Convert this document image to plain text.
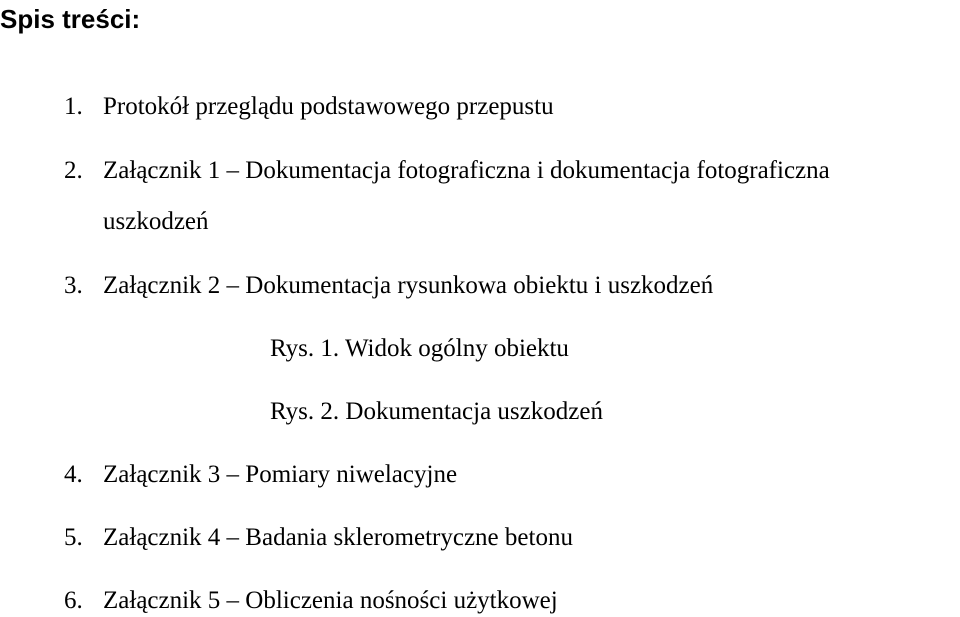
Spis treści:
1. Protokół przeglądu podstawowego przepustu
2. Załącznik 1 – Dokumentacja fotograficzna i dokumentacja fotograficzna
uszkodzeń
3. Załącznik 2 – Dokumentacja rysunkowa obiektu i uszkodzeń
Rys. 1. Widok ogólny obiektu
Rys. 2. Dokumentacja uszkodzeń
4. Załącznik 3 – Pomiary niwelacyjne
5. Załącznik 4 – Badania sklerometryczne betonu
6. Załącznik 5 – Obliczenia nośności użytkowej
